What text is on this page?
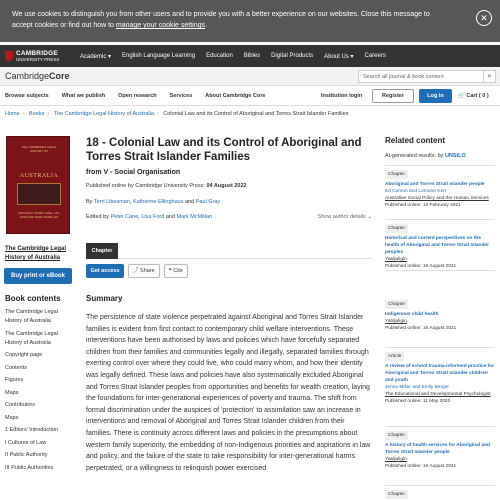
We use cookies to distinguish you from other users and to provide you with a better experience on our websites. Close this message to accept cookies or find out how to manage your cookie settings.
✕
CAMBRIDGE
UNIVERSITY PRESS	Academic ▾ English Language Learning Education Bibles Digital Products About Us ▾ Careers
CambridgeCore	Search all journal & book content	⌕
Browse subjects What we publish Open research Services About Cambridge Core	Institution login	Register	Log in	🛒 Cart ( 0 )
Home › Books › The Cambridge Legal History of Australia › Colonial Law and its Control of Aboriginal and Torres Strait Islander Families
THE CAMBRIDGE LEGAL HISTORY OF
AUSTRALIA
EDITED BY PETER CANE, LISA FORD AND MARK MCMILLAN
The Cambridge Legal History of Australia
Buy print or eBook
Book contents
The Cambridge Legal History of Australia
The Cambridge Legal History of Australia
Copyright page
Contents
Figures
Maps
Contributors
Maps
1 Editors' Introduction
I Cultures of Law
II Public Authority
III Public Authorities
18 - Colonial Law and its Control of Aboriginal and Torres Strait Islander Families
from V - Social Organisation
Published online by Cambridge University Press: 04 August 2022
By Terri Libesman, Katherine Ellinghaus and Paul Gray
Edited by Peter Cane, Lisa Ford and Mark McMillan	Show author details ⌄
Chapter
Get access	⤴ Share	❝ Cite
Summary
The persistence of state violence perpetrated against Aboriginal and Torres Strait Islander families is evident from first contact to contemporary child welfare interventions. These interventions have been authorised by laws and policies which have forcefully separated children from their families and communities legally and illegally, separated families through exerting control over where they could live, who could marry whom, and how their identity was legally defined. These laws and policies have also systematically excluded Aboriginal and Torres Strait Islander peoples from opportunities and benefits for wealth creation, laying the foundations for inter-generational experiences of poverty and trauma. The shift from formal discrimination under the auspices of 'protection' to assimilation saw an increase in interventions and removal of Aboriginal and Torres Strait Islander children from their families. There is continuity across different laws and policies in the presumptions about western family superiority, the embedding of non-Indigenous priorities and aspirations in law and policy, and the failure of the state to take responsibility for inter-generational harms perpetrated, or a willingness to relinquish power exercised
Related content
AI-generated results: by UNSILO
Chapter
Aboriginal and Torres Strait Islander people
Ed Carson and Lorraine Kerr
Australian Social Policy and the Human Services
Published online: 13 February 2021
Chapter
Historical and current perspectives on the health of Aboriginal and Torres Strait Islander peoples
Yatdjuligin
Published online: 16 August 2021
Chapter
Indigenous child health
Yatdjuligin
Published online: 16 August 2021
Article
A review of school trauma-informed practice for Aboriginal and Torres Strait Islander children and youth
Jenna Miller and Emily Berger
The Educational and Developmental Psychologist
Published online: 11 May 2020
Chapter
A history of health services for Aboriginal and Torres Strait Islander people
Yatdjuligin
Published online: 16 August 2021
Chapter
